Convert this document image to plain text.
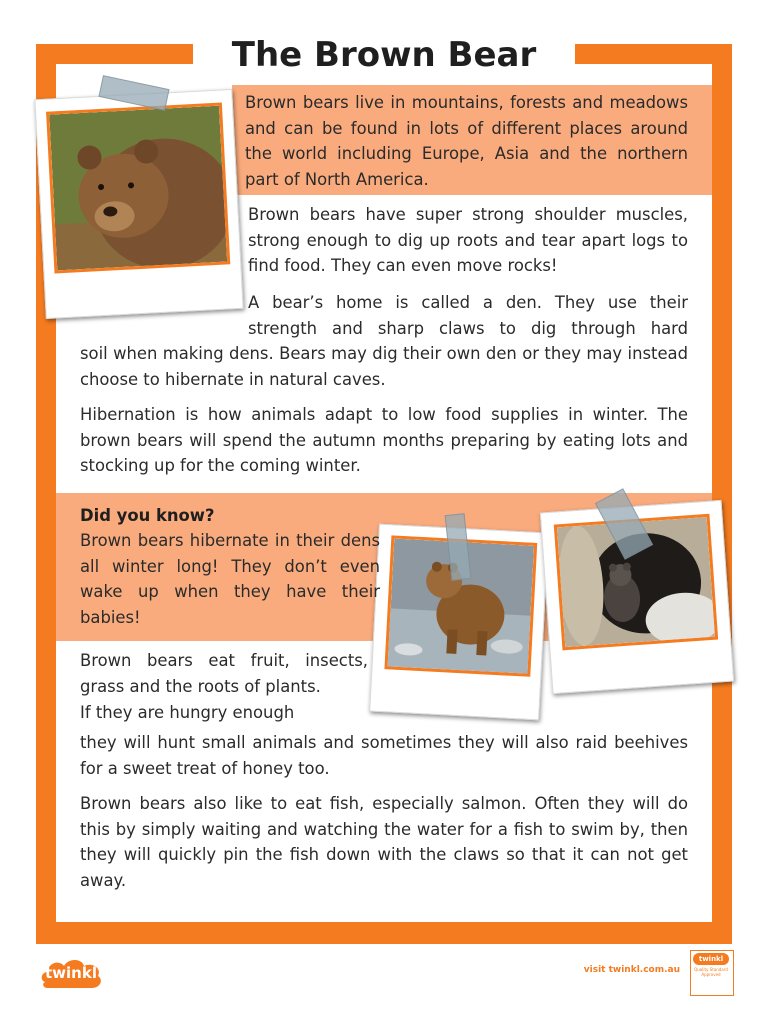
The Brown Bear

Brown bears live in mountains, forests and meadows and can be found in lots of different places around the world including Europe, Asia and the northern part of North America.

Brown bears have super strong shoulder muscles, strong enough to dig up roots and tear apart logs to find food. They can even move rocks!

A bear’s home is called a den. They use their strength and sharp claws to dig through hard

soil when making dens. Bears may dig their own den or they may instead choose to hibernate in natural caves.

Hibernation is how animals adapt to low food supplies in winter. The brown bears will spend the autumn months preparing by eating lots and stocking up for the coming winter.

Did you know?

Brown bears hibernate in their dens all winter long! They don’t even wake up when they have their babies!

Brown bears eat fruit, insects, grass and the roots of plants.

If they are hungry enough

they will hunt small animals and sometimes they will also raid beehives for a sweet treat of honey too.

Brown bears also like to eat fish, especially salmon. Often they will do this by simply waiting and watching the water for a fish to swim by, then they will quickly pin the fish down with the claws so that it can not get away.

twinkl	visit twinkl.com.au
twinkl
Quality Standard Approved
